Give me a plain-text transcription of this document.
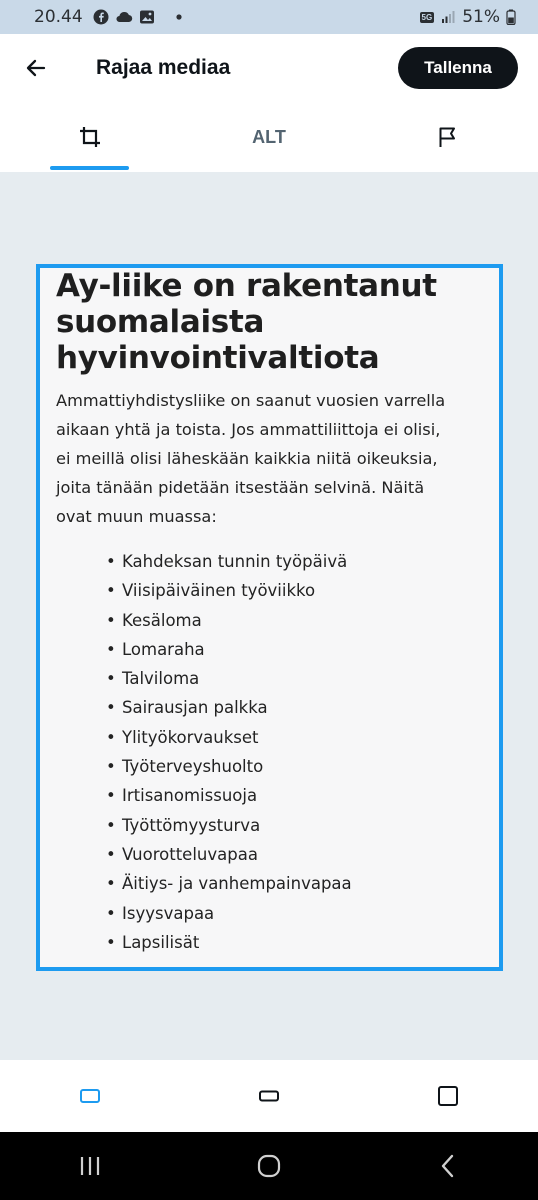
20.44	5G 51%
Rajaa mediaa	Tallenna
ALT
Ay-liike on rakentanut
suomalaista
hyvinvointivaltiota

Ammattiyhdistysliike on saanut vuosien varrella
aikaan yhtä ja toista. Jos ammattiliittoja ei olisi,
ei meillä olisi läheskään kaikkia niitä oikeuksia,
joita tänään pidetään itsestään selvinä. Näitä
ovat muun muassa:

• Kahdeksan tunnin työpäivä
• Viisipäiväinen työviikko
• Kesäloma
• Lomaraha
• Talviloma
• Sairausjan palkka
• Ylityökorvaukset
• Työterveyshuolto
• Irtisanomissuoja
• Työttömyysturva
• Vuorotteluvapaa
• Äitiys- ja vanhempainvapaa
• Isyysvapaa
• Lapsilisät
